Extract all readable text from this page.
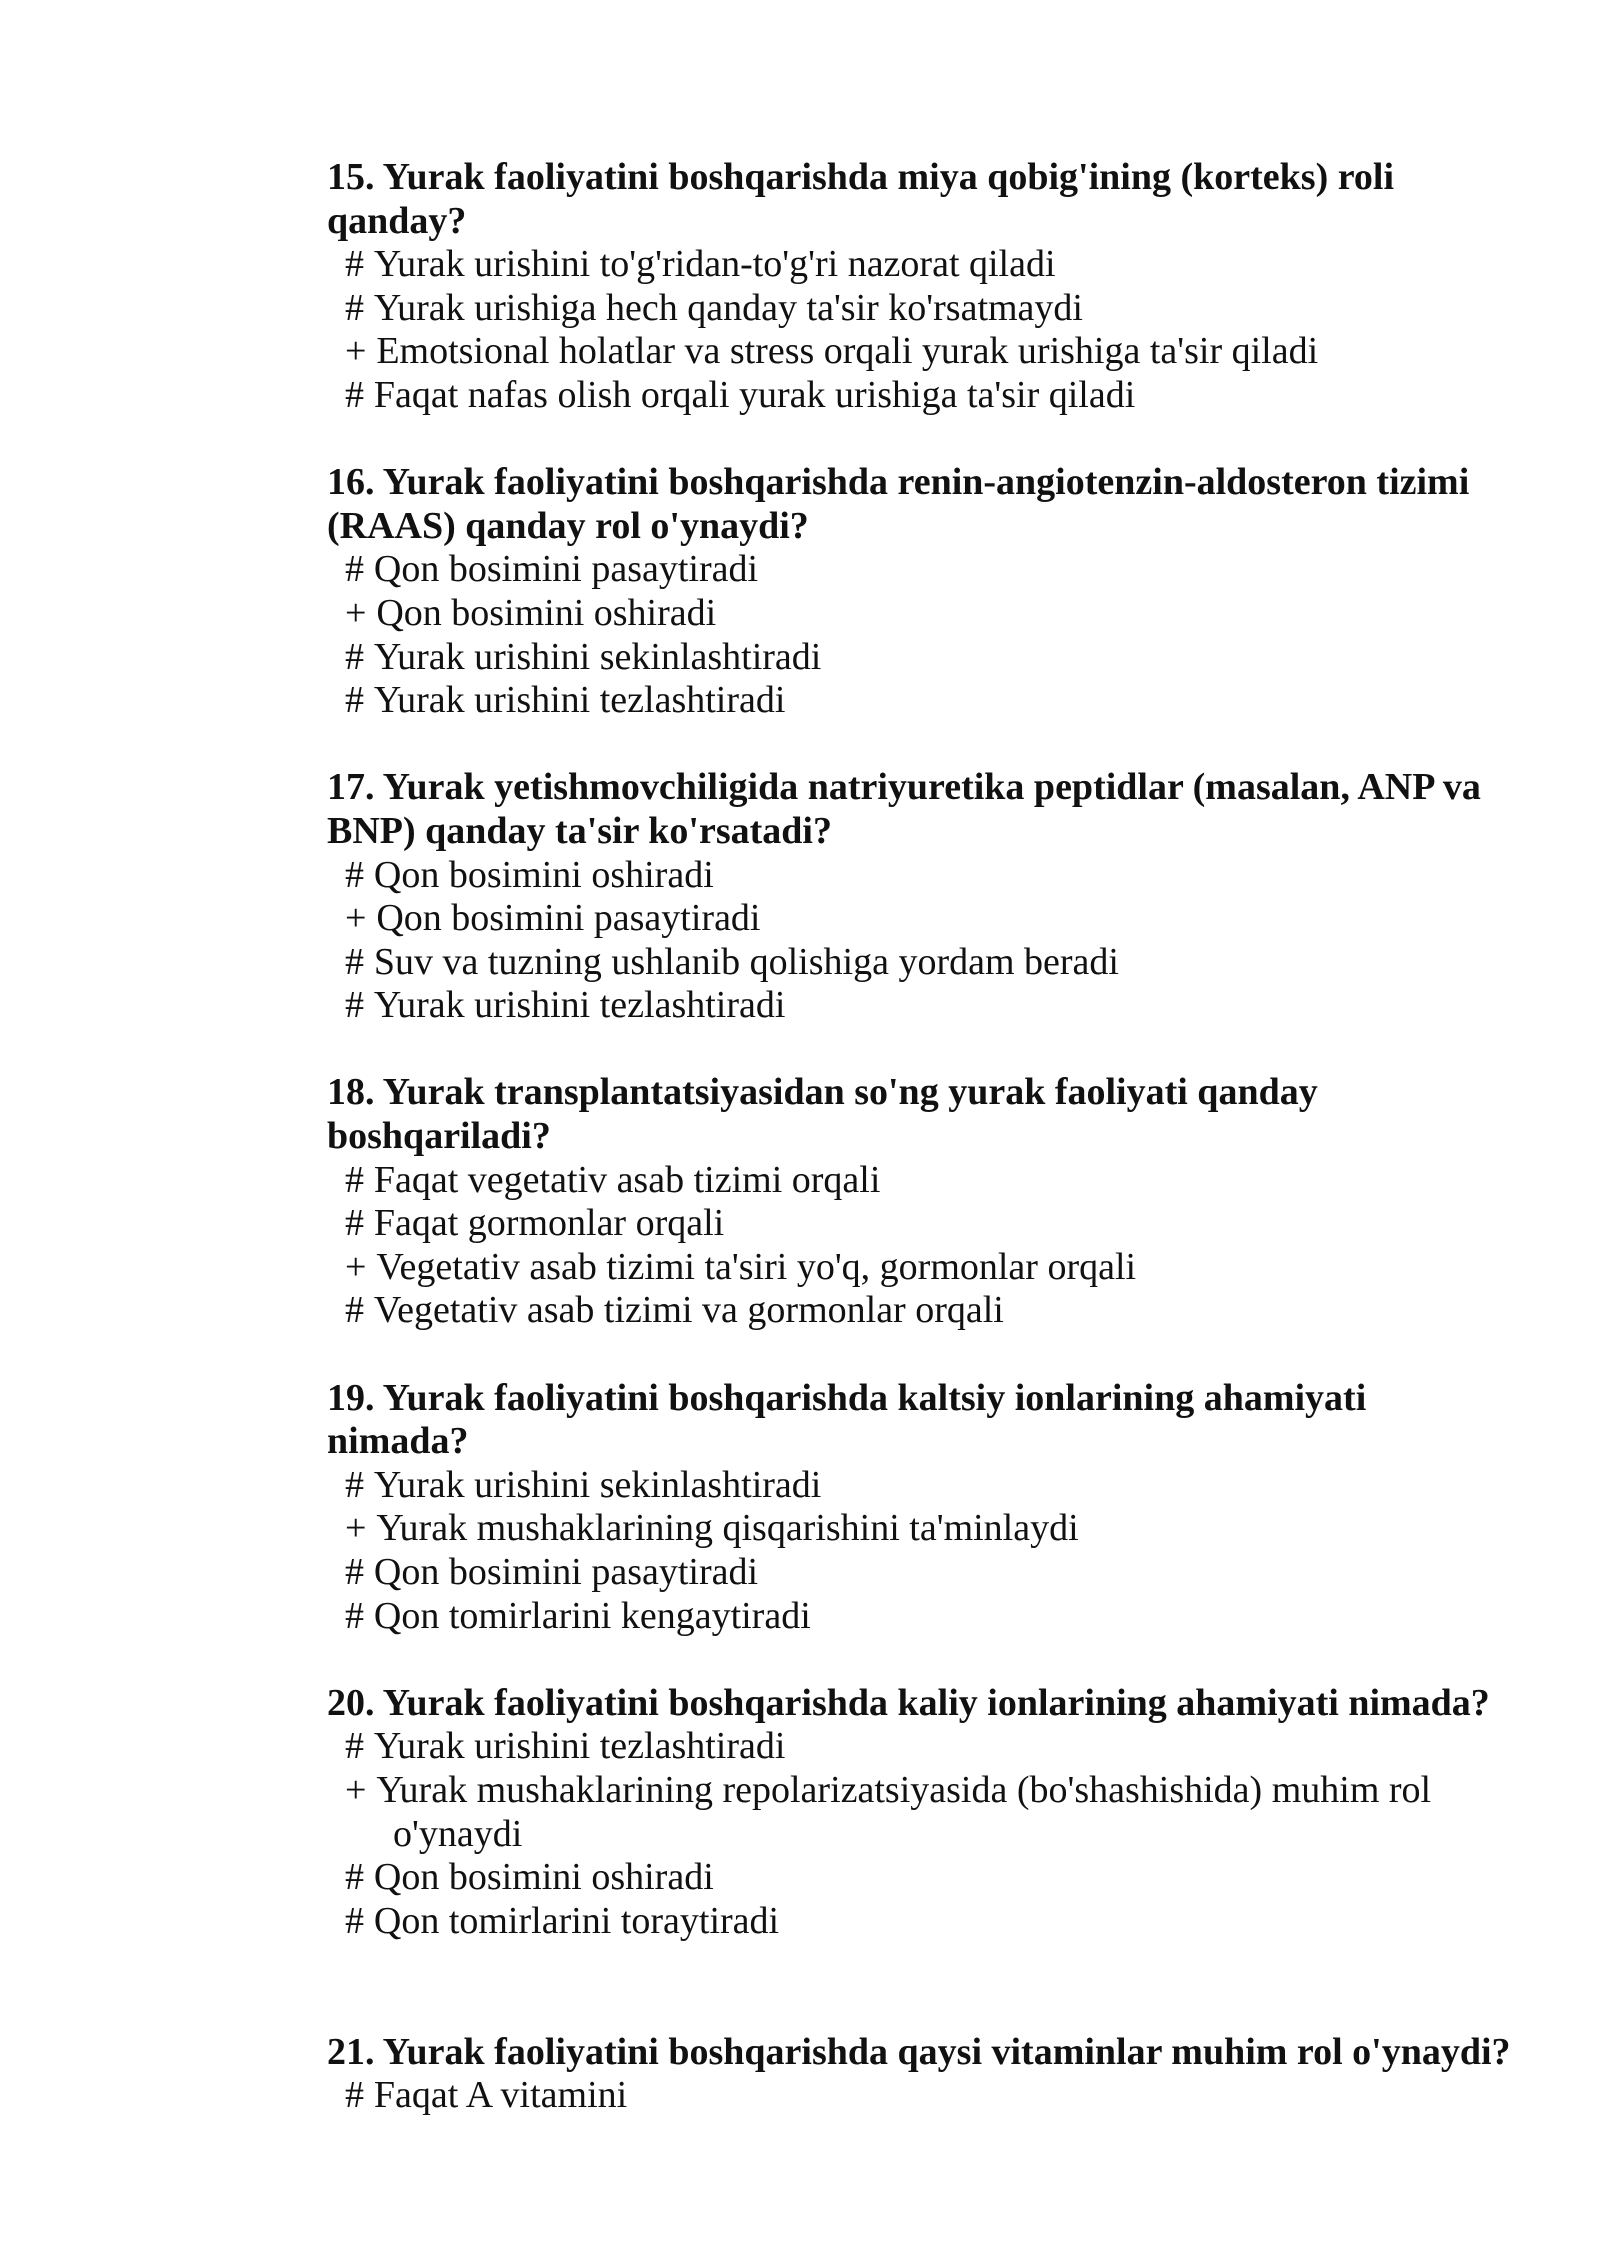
15. Yurak faoliyatini boshqarishda miya qobig'ining (korteks) roli
qanday?
# Yurak urishini to'g'ridan-to'g'ri nazorat qiladi
# Yurak urishiga hech qanday ta'sir ko'rsatmaydi
+ Emotsional holatlar va stress orqali yurak urishiga ta'sir qiladi
# Faqat nafas olish orqali yurak urishiga ta'sir qiladi
16. Yurak faoliyatini boshqarishda renin-angiotenzin-aldosteron tizimi
(RAAS) qanday rol o'ynaydi?
# Qon bosimini pasaytiradi
+ Qon bosimini oshiradi
# Yurak urishini sekinlashtiradi
# Yurak urishini tezlashtiradi
17. Yurak yetishmovchiligida natriyuretika peptidlar (masalan, ANP va
BNP) qanday ta'sir ko'rsatadi?
# Qon bosimini oshiradi
+ Qon bosimini pasaytiradi
# Suv va tuzning ushlanib qolishiga yordam beradi
# Yurak urishini tezlashtiradi
18. Yurak transplantatsiyasidan so'ng yurak faoliyati qanday
boshqariladi?
# Faqat vegetativ asab tizimi orqali
# Faqat gormonlar orqali
+ Vegetativ asab tizimi ta'siri yo'q, gormonlar orqali
# Vegetativ asab tizimi va gormonlar orqali
19. Yurak faoliyatini boshqarishda kaltsiy ionlarining ahamiyati
nimada?
# Yurak urishini sekinlashtiradi
+ Yurak mushaklarining qisqarishini ta'minlaydi
# Qon bosimini pasaytiradi
# Qon tomirlarini kengaytiradi
20. Yurak faoliyatini boshqarishda kaliy ionlarining ahamiyati nimada?
# Yurak urishini tezlashtiradi
+ Yurak mushaklarining repolarizatsiyasida (bo'shashishida) muhim rol
o'ynaydi
# Qon bosimini oshiradi
# Qon tomirlarini toraytiradi
21. Yurak faoliyatini boshqarishda qaysi vitaminlar muhim rol o'ynaydi?
# Faqat A vitamini
